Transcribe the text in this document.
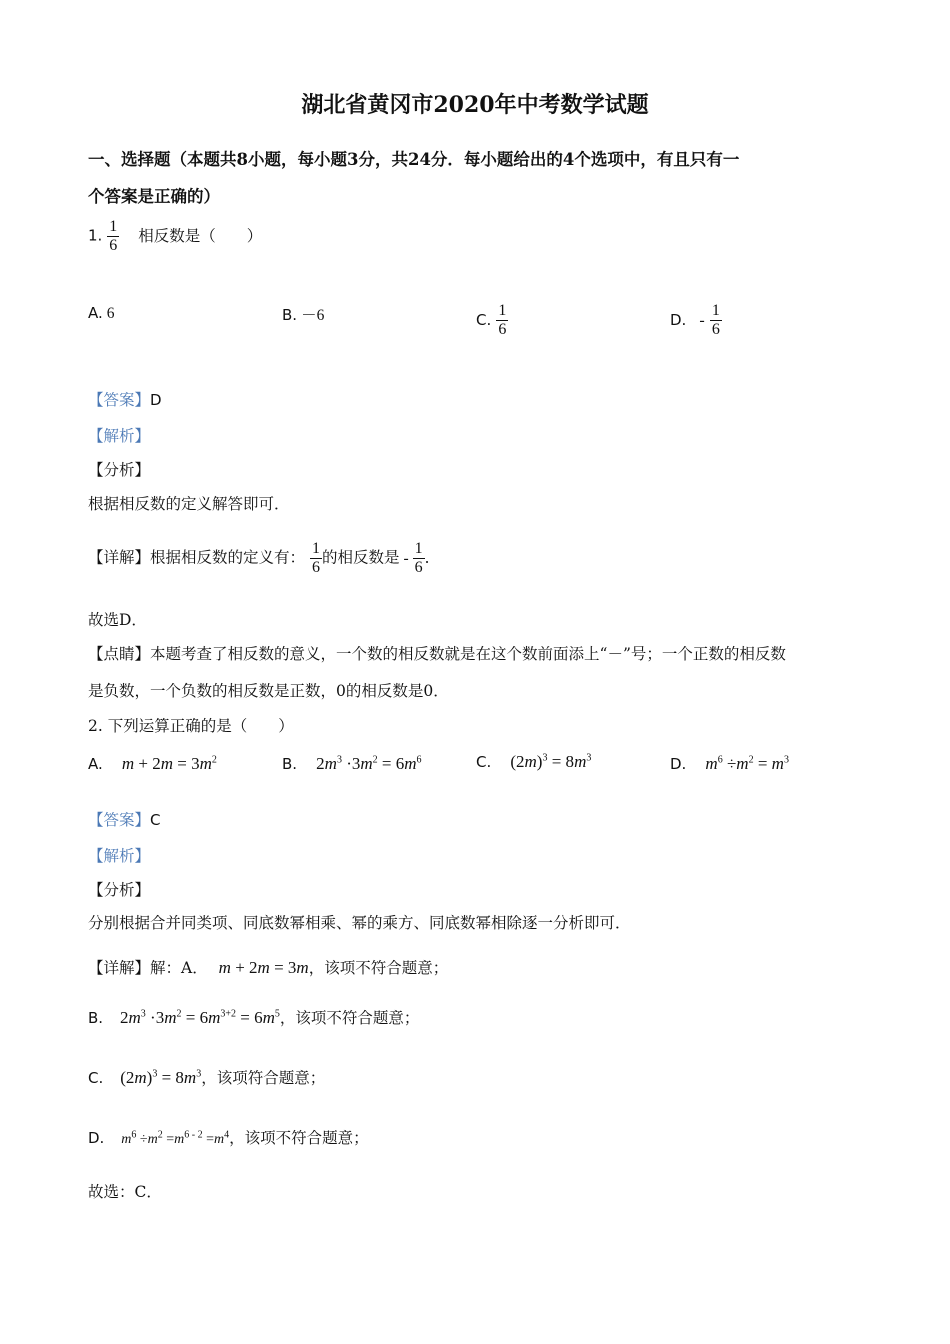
湖北省黄冈市2020年中考数学试题
一、选择题（本题共8小题，每小题3分，共24分．每小题给出的4个选项中，有且只有一
个答案是正确的）
1. $\frac{1}{6}$ 相反数是（　　）
A. 6	B. －6	C. $\frac{1}{6}$	D. - $\frac{1}{6}$
【答案】D
【解析】
【分析】
根据相反数的定义解答即可．
【详解】根据相反数的定义有： $\frac{1}{6}$ 的相反数是 - $\frac{1}{6}$ ．
故选D．
【点睛】本题考查了相反数的意义，一个数的相反数就是在这个数前面添上“－”号；一个正数的相反数
是负数，一个负数的相反数是正数，0的相反数是0．
2. 下列运算正确的是（　　）
A. $m + 2m = 3m^2$	B. $2m^3 \cdot 3m^2 = 6m^6$	C. $(2m)^3 = 8m^3$	D. $m^6 \div m^2 = m^3$
【答案】C
【解析】
【分析】
分别根据合并同类项、同底数幂相乘、幂的乘方、同底数幂相除逐一分析即可．
【详解】解：A． m + 2m = 3m，该项不符合题意；
B. $2m^3 \cdot 3m^2 = 6m^{3+2} = 6m^5$，该项不符合题意；
C. $(2m)^3 = 8m^3$，该项符合题意；
D. $m^6 \div m^2 =m^{6 - 2} =m^4$，该项不符合题意；
故选：C．
